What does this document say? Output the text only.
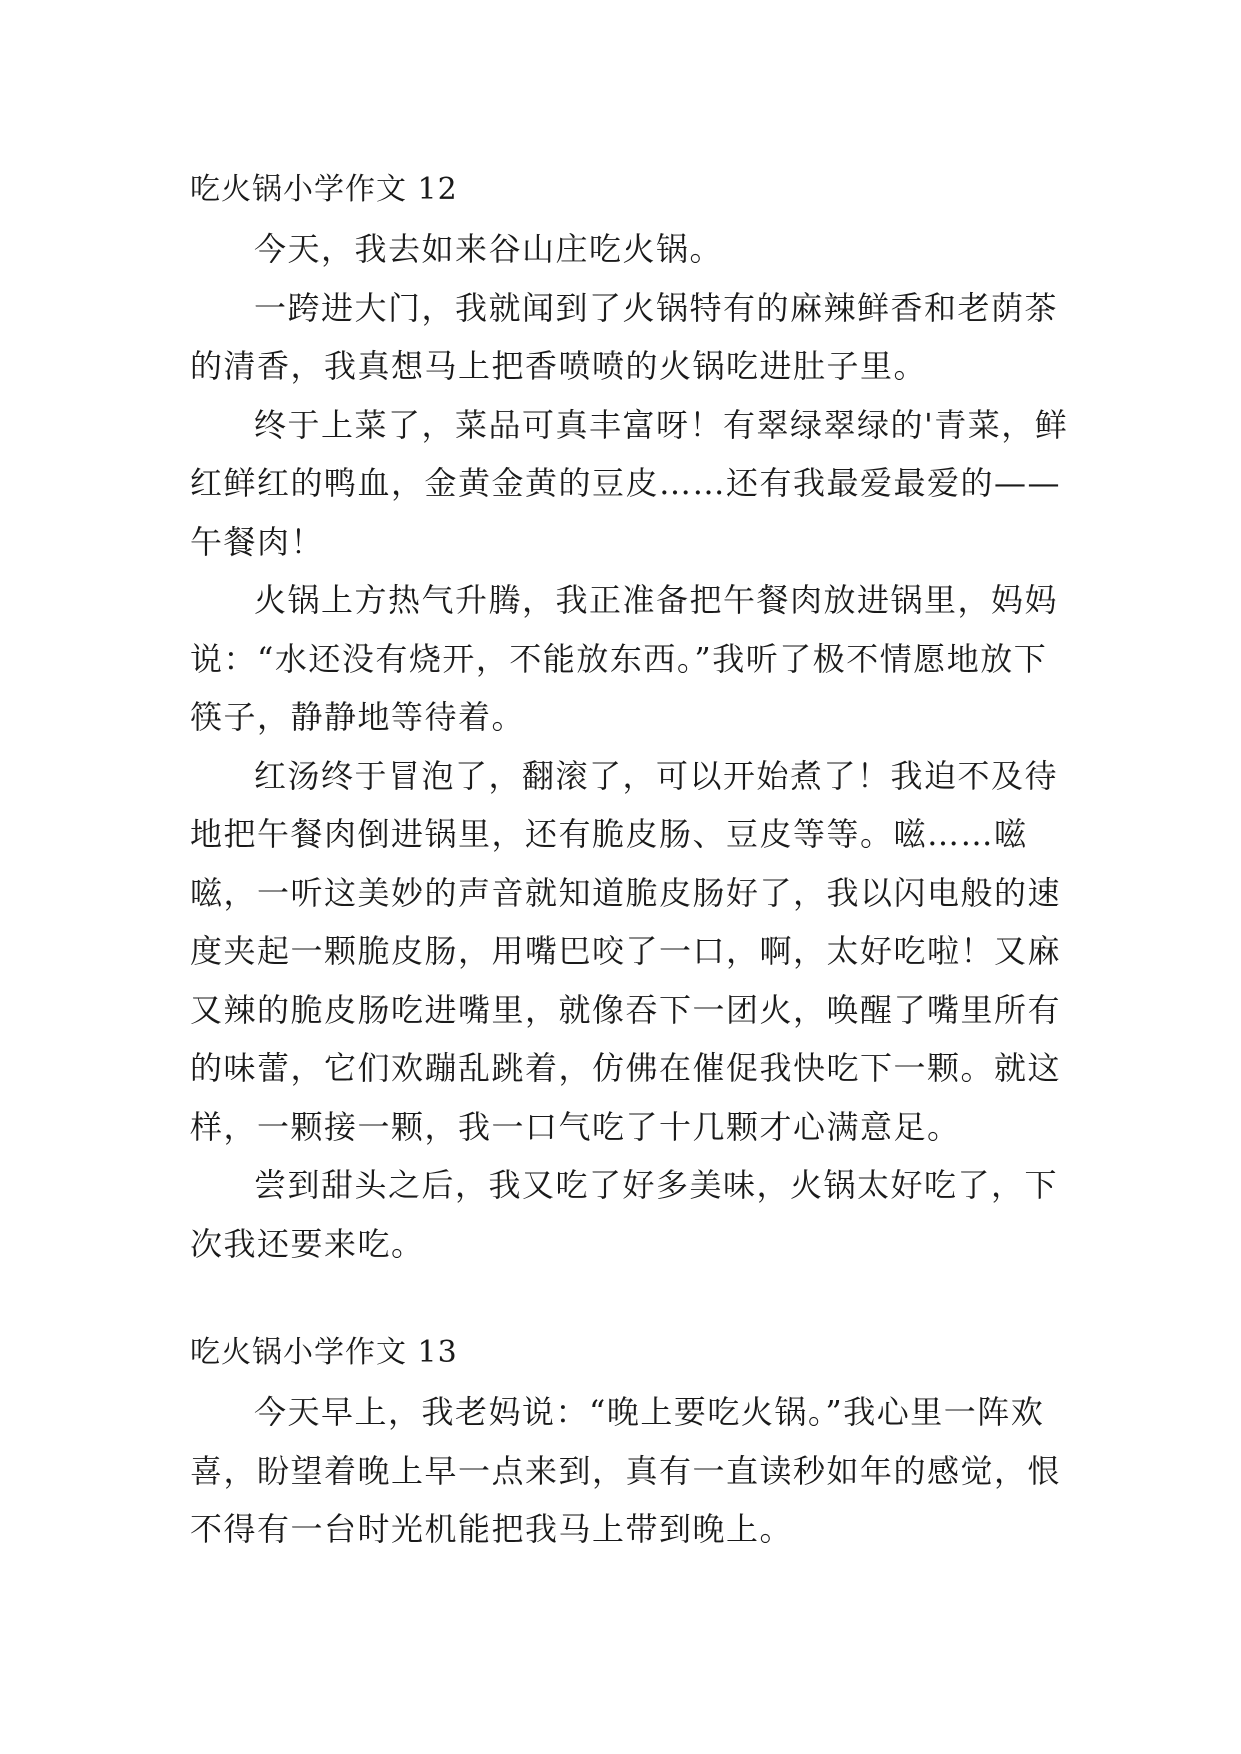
吃火锅小学作文 12

今天，我去如来谷山庄吃火锅。

一跨进大门，我就闻到了火锅特有的麻辣鲜香和老荫茶的清香，我真想马上把香喷喷的火锅吃进肚子里。

终于上菜了，菜品可真丰富呀！有翠绿翠绿的'青菜，鲜红鲜红的鸭血，金黄金黄的豆皮……还有我最爱最爱的——午餐肉！

火锅上方热气升腾，我正准备把午餐肉放进锅里，妈妈说：“水还没有烧开，不能放东西。”我听了极不情愿地放下筷子，静静地等待着。

红汤终于冒泡了，翻滚了，可以开始煮了！我迫不及待地把午餐肉倒进锅里，还有脆皮肠、豆皮等等。嗞……嗞嗞，一听这美妙的声音就知道脆皮肠好了，我以闪电般的速度夹起一颗脆皮肠，用嘴巴咬了一口，啊，太好吃啦！又麻又辣的脆皮肠吃进嘴里，就像吞下一团火，唤醒了嘴里所有的味蕾，它们欢蹦乱跳着，仿佛在催促我快吃下一颗。就这样，一颗接一颗，我一口气吃了十几颗才心满意足。

尝到甜头之后，我又吃了好多美味，火锅太好吃了，下次我还要来吃。

吃火锅小学作文 13

今天早上，我老妈说：“晚上要吃火锅。”我心里一阵欢喜，盼望着晚上早一点来到，真有一直读秒如年的感觉，恨不得有一台时光机能把我马上带到晚上。
